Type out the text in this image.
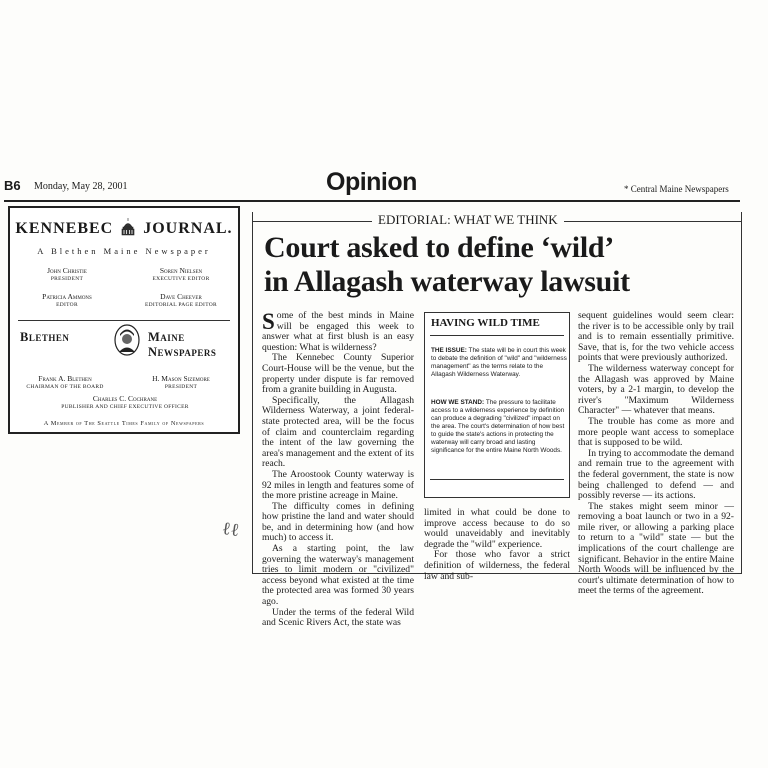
B6 Monday, May 28, 2001	Opinion	* Central Maine Newspapers
KENNEBEC JOURNAL.
A Blethen Maine Newspaper
John Christie
PRESIDENT
Soren Nielsen
EXECUTIVE EDITOR
Patricia Ammons
EDITOR
Dave Cheever
EDITORIAL PAGE EDITOR
Blethen	Maine Newspapers
Frank A. Blethen
CHAIRMAN OF THE BOARD
H. Mason Sizemore
PRESIDENT
Charles C. Cochrane
PUBLISHER AND CHIEF EXECUTIVE OFFICER
A Member of The Seattle Times Family of Newspapers
EDITORIAL: WHAT WE THINK
Court asked to define ‘wild’
in Allagash waterway lawsuit

Some of the best minds in Maine will be engaged this week to answer what at first blush is an easy question: What is wilderness?

The Kennebec County Superior Court-House will be the venue, but the property under dispute is far removed from a granite building in Augusta.

Specifically, the Allagash Wilderness Waterway, a joint federal-state protected area, will be the focus of claim and counterclaim regarding the intent of the law governing the area's management and the extent of its reach.

The Aroostook County waterway is 92 miles in length and features some of the more pristine acreage in Maine.

The difficulty comes in defining how pristine the land and water should be, and in determining how (and how much) to access it.

As a starting point, the law governing the waterway's management tries to limit modern or "civilized" access beyond what existed at the time the protected area was formed 30 years ago.

Under the terms of the federal Wild and Scenic Rivers Act, the state was

HAVING WILD TIME
THE ISSUE: The state will be in court this week to debate the definition of "wild" and "wilderness management" as the terms relate to the Allagash Wilderness Waterway.
HOW WE STAND: The pressure to facilitate access to a wilderness experience by definition can produce a degrading "civilized" impact on the area. The court's determination of how best to guide the state's actions in protecting the waterway will carry broad and lasting significance for the entire Maine North Woods.

limited in what could be done to improve access because to do so would unaveidably and inevitably degrade the "wild" experience.

For those who favor a strict definition of wilderness, the federal law and sub-

sequent guidelines would seem clear: the river is to be accessible only by trail and is to remain essentially primitive. Save, that is, for the two vehicle access points that were previously authorized.

The wilderness waterway concept for the Allagash was approved by Maine voters, by a 2-1 margin, to develop the river's "Maximum Wilderness Character" — whatever that means.

The trouble has come as more and more people want access to someplace that is supposed to be wild.

In trying to accommodate the demand and remain true to the agreement with the federal government, the state is now being challenged to defend — and possibly reverse — its actions.

The stakes might seem minor — removing a boat launch or two in a 92-mile river, or allowing a parking place to return to a "wild" state — but the implications of the court challenge are significant. Behavior in the entire Maine North Woods will be influenced by the court's ultimate determination of how to meet the terms of the agreement.

ℓℓ
